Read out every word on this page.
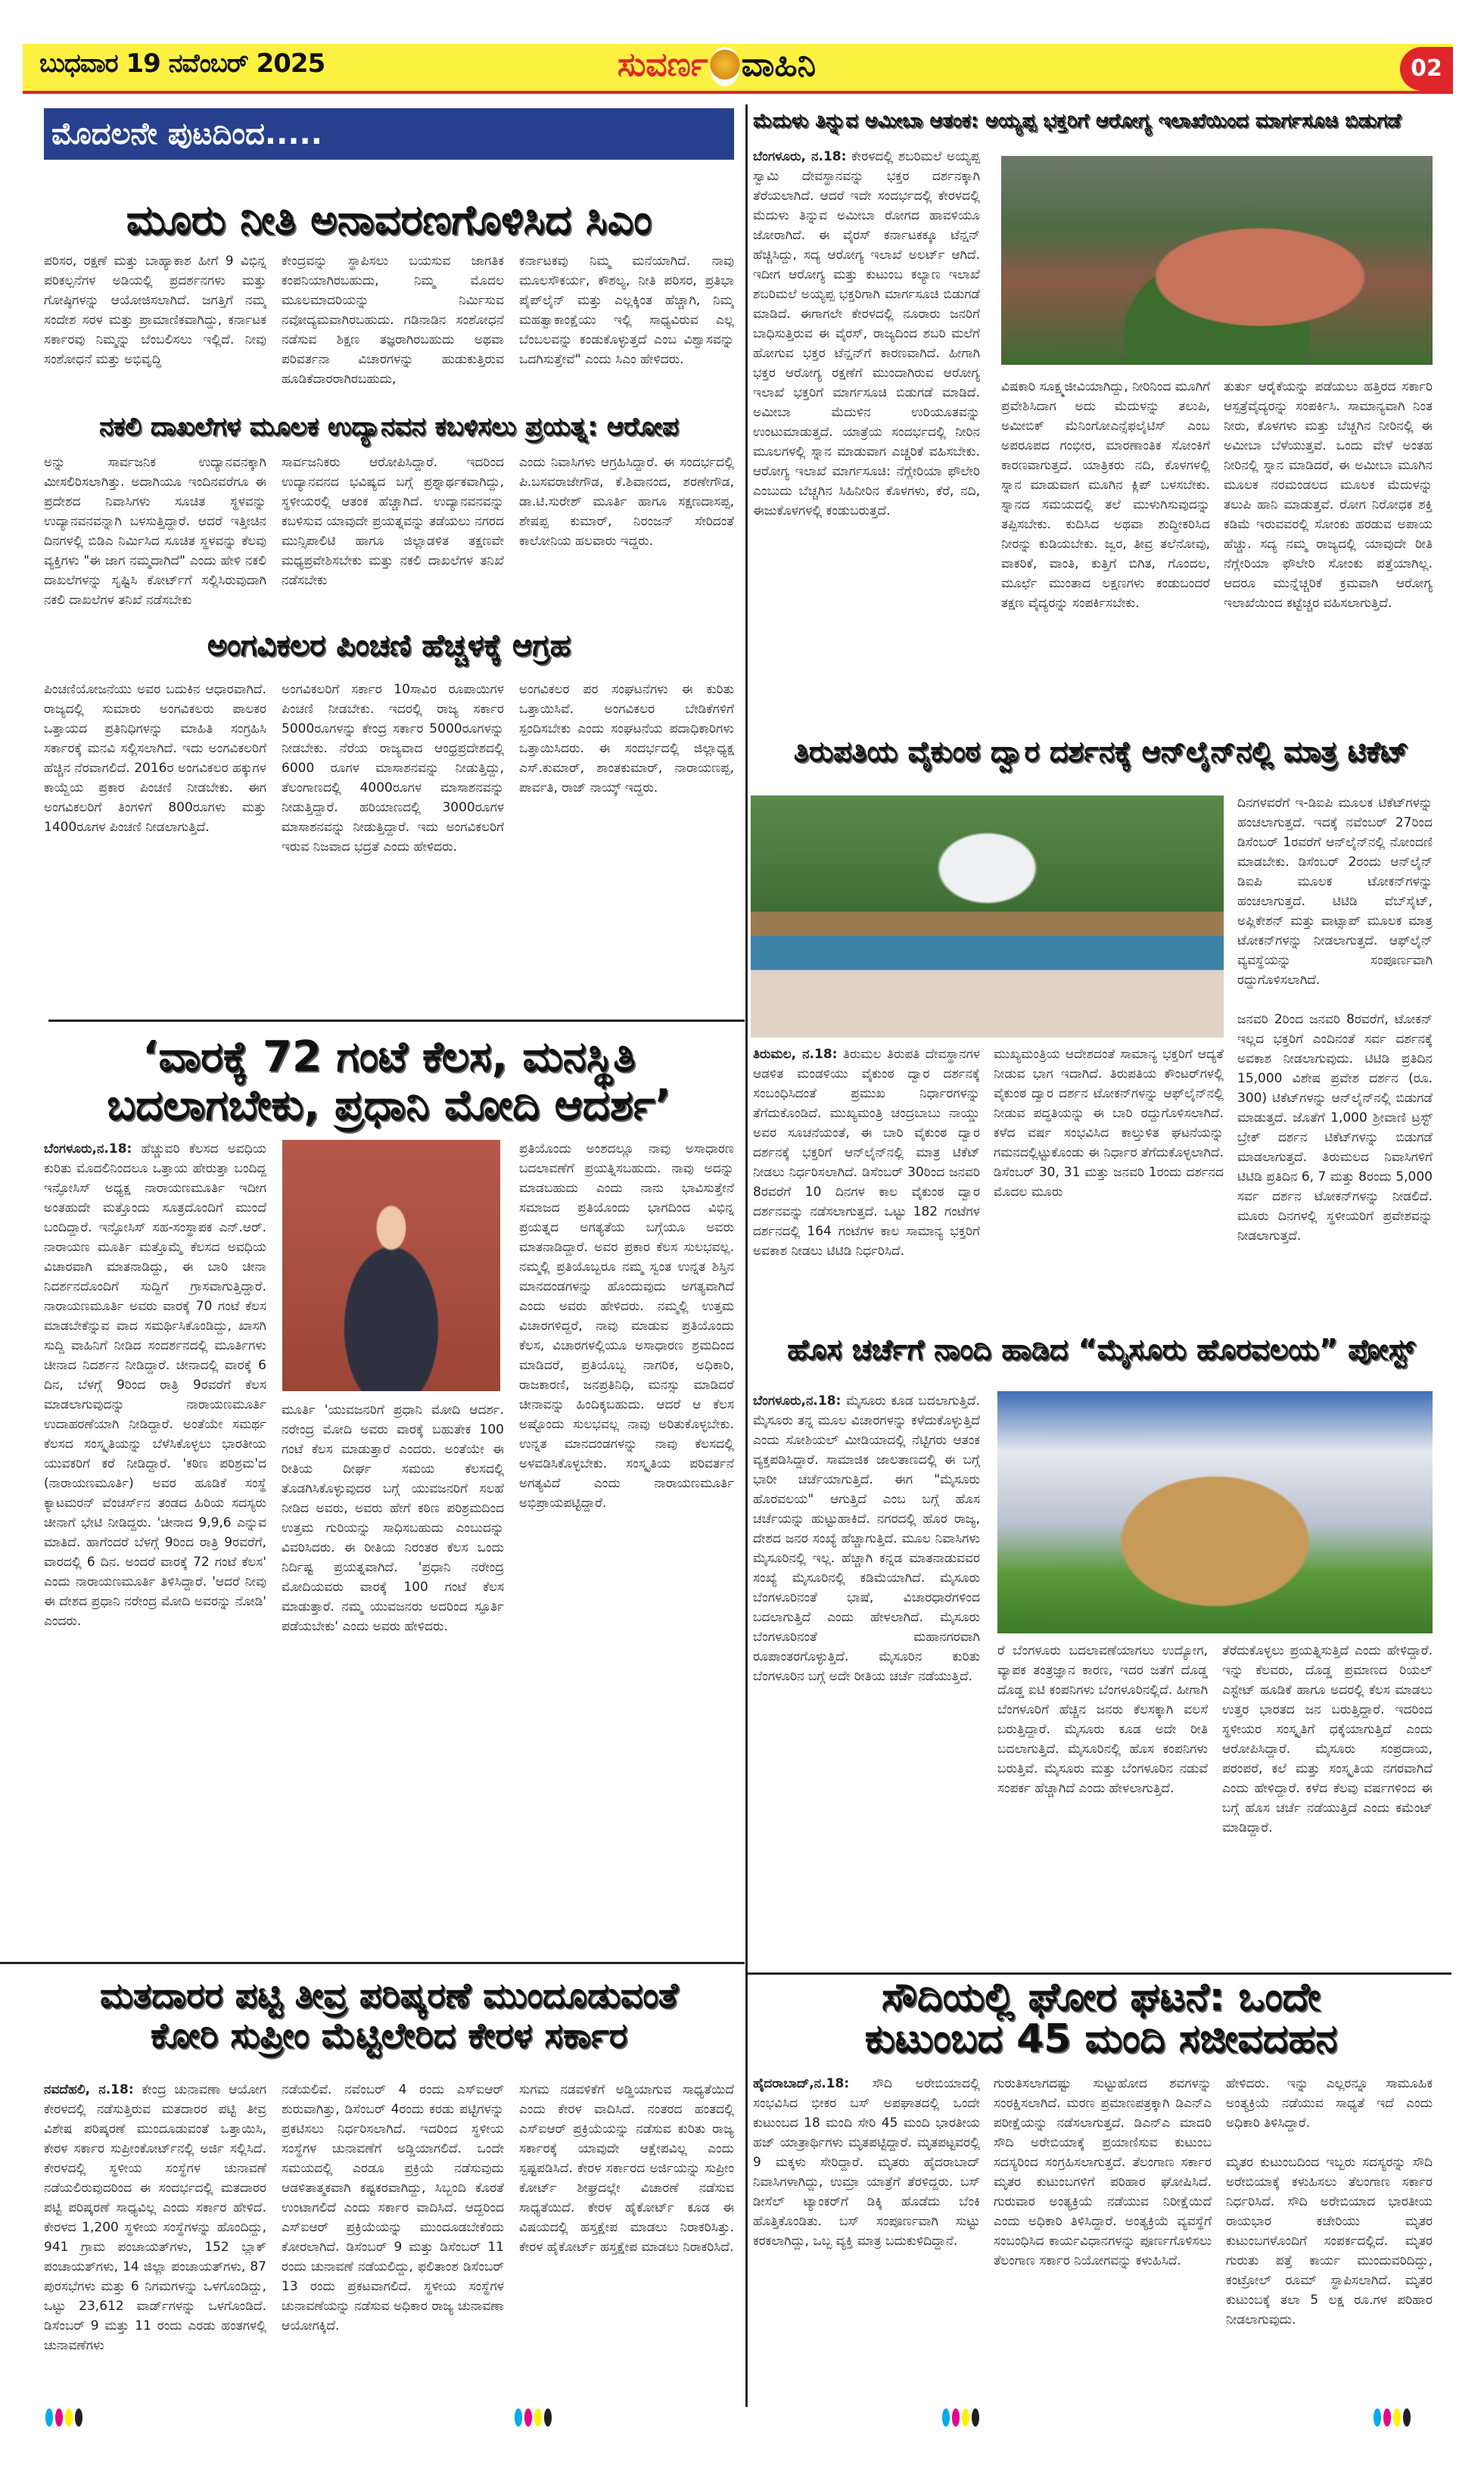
ಬುಧವಾರ 19 ನವೆಂಬರ್ 2025	ಸುವರ್ಣ ವಾಹಿನಿ	02
ಮೊದಲನೇ ಪುಟದಿಂದ.....
ಮೂರು ನೀತಿ ಅನಾವರಣಗೊಳಿಸಿದ ಸಿಎಂ
ಪರಿಸರ, ರಕ್ಷಣೆ ಮತ್ತು ಬಾಹ್ಯಾಕಾಶ ಹೀಗೆ 9 ವಿಭಿನ್ನ ಪರಿಕಲ್ಪನೆಗಳ ಅಡಿಯಲ್ಲಿ ಪ್ರದರ್ಶನಗಳು ಮತ್ತು ಗೋಷ್ಠಿಗಳನ್ನು ಆಯೋಜಿಸಲಾಗಿದೆ. ಜಗತ್ತಿಗೆ ನಮ್ಮ ಸಂದೇಶ ಸರಳ ಮತ್ತು ಪ್ರಾಮಾಣಿಕವಾಗಿದ್ದು, ಕರ್ನಾಟಕ ಸರ್ಕಾರವು ನಿಮ್ಮನ್ನು ಬೆಂಬಲಿಸಲು ಇಲ್ಲಿದೆ. ನೀವು ಸಂಶೋಧನೆ ಮತ್ತು ಅಭಿವೃದ್ಧಿ
ಕೇಂದ್ರವನ್ನು ಸ್ಥಾಪಿಸಲು ಬಯಸುವ ಜಾಗತಿಕ ಕಂಪನಿಯಾಗಿರಬಹುದು, ನಿಮ್ಮ ಮೊದಲ ಮೂಲಮಾದರಿಯನ್ನು ನಿರ್ಮಿಸುವ ನವೋದ್ಯಮವಾಗಿರಬಹುದು. ಗಡಿನಾಡಿನ ಸಂಶೋಧನೆ ನಡೆಸುವ ಶಿಕ್ಷಣ ತಜ್ಞರಾಗಿರಬಹುದು ಅಥವಾ ಪರಿವರ್ತನಾ ವಿಚಾರಗಳನ್ನು ಹುಡುಕುತ್ತಿರುವ ಹೂಡಿಕೆದಾರರಾಗಿರಬಹುದು,
ಕರ್ನಾಟಕವು ನಿಮ್ಮ ಮನೆಯಾಗಿದೆ. ನಾವು ಮೂಲಸೌಕರ್ಯ, ಕೌಶಲ್ಯ, ನೀತಿ ಪರಿಸರ, ಪ್ರತಿಭಾ ಪೈಪ್‌ಲೈನ್ ಮತ್ತು ಎಲ್ಲಕ್ಕಿಂತ ಹೆಚ್ಚಾಗಿ, ನಿಮ್ಮ ಮಹತ್ವಾಕಾಂಕ್ಷೆಯು ಇಲ್ಲಿ ಸಾಧ್ಯವಿರುವ ಎಲ್ಲ ಬೆಂಬಲವನ್ನು ಕಂಡುಕೊಳ್ಳುತ್ತದೆ ಎಂಬ ವಿಶ್ವಾಸವನ್ನು ಒದಗಿಸುತ್ತೇವೆ" ಎಂದು ಸಿಎಂ ಹೇಳಿದರು.
ನಕಲಿ ದಾಖಲೆಗಳ ಮೂಲಕ ಉದ್ಯಾನವನ ಕಬಳಿಸಲು ಪ್ರಯತ್ನ: ಆರೋಪ
ಅನ್ನು ಸಾರ್ವಜನಿಕ ಉದ್ಯಾನವನಕ್ಕಾಗಿ ಮೀಸಲಿರಿಸಲಾಗಿತ್ತು. ಅದಾಗಿಯೂ ಇಂದಿನವರೆಗೂ ಈ ಪ್ರದೇಶದ ನಿವಾಸಿಗಳು ಸೂಚಿತ ಸ್ಥಳವನ್ನು ಉದ್ಯಾನವನವನ್ನಾಗಿ ಬಳಸುತ್ತಿದ್ದಾರೆ. ಆದರೆ ಇತ್ತೀಚಿನ ದಿನಗಳಲ್ಲಿ ಬಿಡಿಎ ನಿರ್ಮಿಸಿದ ಸೂಚಿತ ಸ್ಥಳವನ್ನು ಕೆಲವು ವ್ಯಕ್ತಿಗಳು "ಈ ಜಾಗ ನಮ್ಮದಾಗಿದೆ" ಎಂದು ಹೇಳಿ ನಕಲಿ ದಾಖಲೆಗಳನ್ನು ಸೃಷ್ಟಿಸಿ ಕೋರ್ಟ್‌ಗೆ ಸಲ್ಲಿಸಿರುವುದಾಗಿ ನಕಲಿ ದಾಖಲೆಗಳ ತನಿಖೆ ನಡೆಸಬೇಕು
ಸಾರ್ವಜನಿಕರು ಆರೋಪಿಸಿದ್ದಾರೆ. ಇದರಿಂದ ಉದ್ಯಾನವನದ ಭವಿಷ್ಯದ ಬಗ್ಗೆ ಪ್ರಶ್ನಾರ್ಥಕವಾಗಿದ್ದು, ಸ್ಥಳೀಯರಲ್ಲಿ ಆತಂಕ ಹೆಚ್ಚಾಗಿದೆ. ಉದ್ಯಾನವನವನ್ನು ಕಬಳಿಸುವ ಯಾವುದೇ ಪ್ರಯತ್ನವನ್ನು ತಡೆಯಲು ನಗರದ ಮುನ್ಸಿಪಾಲಿಟಿ ಹಾಗೂ ಜಿಲ್ಲಾಡಳಿತ ತಕ್ಷಣವೇ ಮಧ್ಯಪ್ರವೇಶಿಸಬೇಕು ಮತ್ತು ನಕಲಿ ದಾಖಲೆಗಳ ತನಿಖೆ ನಡೆಸಬೇಕು
ಎಂದು ನಿವಾಸಿಗಳು ಆಗ್ರಹಿಸಿದ್ದಾರೆ. ಈ ಸಂದರ್ಭದಲ್ಲಿ ಪಿ.ಬಸವರಾಜೇಗೌಡ, ಕೆ.ಶಿವಾನಂದ, ಶರಣೇಗೌಡ, ಡಾ.ಟಿ.ಸುರೇಶ್ ಮೂರ್ತಿ ಹಾಗೂ ಸಕ್ಷಣದಾಸಪ್ಪ, ಶೇಷಪ್ಪ ಕುಮಾರ್, ನಿರಂಜನ್ ಸೇರಿದಂತೆ ಕಾಲೋನಿಯ ಹಲವಾರು ಇದ್ದರು.
ಅಂಗವಿಕಲರ ಪಿಂಚಣಿ ಹೆಚ್ಚಳಕ್ಕೆ ಆಗ್ರಹ
ಪಿಂಚಣಿಯೋಜನೆಯು ಅವರ ಬದುಕಿನ ಆಧಾರವಾಗಿದೆ. ರಾಜ್ಯದಲ್ಲಿ ಸುಮಾರು ಅಂಗವಿಕಲರು ಪಾಲಕರ ಒತ್ತಾಯದ ಪ್ರತಿನಿಧಿಗಳನ್ನು ಮಾಹಿತಿ ಸಂಗ್ರಹಿಸಿ ಸರ್ಕಾರಕ್ಕೆ ಮನವಿ ಸಲ್ಲಿಸಲಾಗಿದೆ. ಇದು ಅಂಗವಿಕಲರಿಗೆ ಹೆಚ್ಚಿನ ನೆರವಾಗಲಿದೆ. 2016ರ ಅಂಗವಿಕಲರ ಹಕ್ಕುಗಳ ಕಾಯ್ದೆಯ ಪ್ರಕಾರ ಪಿಂಚಣಿ ನೀಡಬೇಕು. ಈಗ ಅಂಗವಿಕಲರಿಗೆ ತಿಂಗಳಿಗೆ 800ರೂಗಳು ಮತ್ತು 1400ರೂಗಳ ಪಿಂಚಣಿ ನೀಡಲಾಗುತ್ತಿದೆ.
ಅಂಗವಿಕಲರಿಗೆ ಸರ್ಕಾರ 10ಸಾವಿರ ರೂಪಾಯಿಗಳ ಪಿಂಚಣಿ ನೀಡಬೇಕು. ಇದರಲ್ಲಿ ರಾಜ್ಯ ಸರ್ಕಾರ 5000ರೂಗಳನ್ನು ಕೇಂದ್ರ ಸರ್ಕಾರ 5000ರೂಗಳನ್ನು ನೀಡಬೇಕು. ನೆರೆಯ ರಾಜ್ಯವಾದ ಆಂಧ್ರಪ್ರದೇಶದಲ್ಲಿ 6000 ರೂಗಳ ಮಾಸಾಶನವನ್ನು ನೀಡುತ್ತಿದ್ದು, ತೆಲಂಗಾಣದಲ್ಲಿ 4000ರೂಗಳ ಮಾಸಾಶನವನ್ನು ನೀಡುತ್ತಿದ್ದಾರೆ. ಹರಿಯಾಣದಲ್ಲಿ 3000ರೂಗಳ ಮಾಸಾಶನವನ್ನು ನೀಡುತ್ತಿದ್ದಾರೆ. ಇದು ಅಂಗವಿಕಲರಿಗೆ ಇರುವ ನಿಜವಾದ ಭದ್ರತೆ ಎಂದು ಹೇಳಿದರು.
ಅಂಗವಿಕಲರ ಪರ ಸಂಘಟನೆಗಳು ಈ ಕುರಿತು ಒತ್ತಾಯಿಸಿವೆ. ಅಂಗವಿಕಲರ ಬೇಡಿಕೆಗಳಿಗೆ ಸ್ಪಂದಿಸಬೇಕು ಎಂದು ಸಂಘಟನೆಯ ಪದಾಧಿಕಾರಿಗಳು ಒತ್ತಾಯಿಸಿದರು. ಈ ಸಂದರ್ಭದಲ್ಲಿ ಜಿಲ್ಲಾಧ್ಯಕ್ಷ ಎಸ್.ಕುಮಾರ್, ಶಾಂತಕುಮಾರ್, ನಾರಾಯಣಪ್ಪ, ಪಾರ್ವತಿ, ರಾಜ್ ನಾಯ್ಕ್ ಇದ್ದರು.
‘ವಾರಕ್ಕೆ 72 ಗಂಟೆ ಕೆಲಸ, ಮನಸ್ಥಿತಿ
ಬದಲಾಗಬೇಕು, ಪ್ರಧಾನಿ ಮೋದಿ ಆದರ್ಶ’
ಬೆಂಗಳೂರು,ನ.18: ಹೆಚ್ಚುವರಿ ಕೆಲಸದ ಅವಧಿಯ ಕುರಿತು ಮೊದಲಿನಿಂದಲೂ ಒತ್ತಾಯ ಹೇರುತ್ತಾ ಬಂದಿದ್ದ ಇನ್ಫೋಸಿಸ್ ಅಧ್ಯಕ್ಷ ನಾರಾಯಣಮೂರ್ತಿ ಇದೀಗ ಅಂತಹುದೇ ಮತ್ತೊಂದು ಸೂತ್ರದೊಂದಿಗೆ ಮುಂದೆ ಬಂದಿದ್ದಾರೆ. ಇನ್ಫೋಸಿಸ್ ಸಹ-ಸಂಸ್ಥಾಪಕ ಎನ್.ಆರ್. ನಾರಾಯಣ ಮೂರ್ತಿ ಮತ್ತೊಮ್ಮೆ ಕೆಲಸದ ಅವಧಿಯ ವಿಚಾರವಾಗಿ ಮಾತನಾಡಿದ್ದು, ಈ ಬಾರಿ ಚೀನಾ ನಿದರ್ಶನದೊಂದಿಗೆ ಸುದ್ದಿಗೆ ಗ್ರಾಸವಾಗುತ್ತಿದ್ದಾರೆ. ನಾರಾಯಣಮೂರ್ತಿ ಅವರು ವಾರಕ್ಕೆ 70 ಗಂಟೆ ಕೆಲಸ ಮಾಡಬೇಕೆನ್ನುವ ವಾದ ಸಮರ್ಥಿಸಿಕೊಂಡಿದ್ದು, ಖಾಸಗಿ ಸುದ್ದಿ ವಾಹಿನಿಗೆ ನೀಡಿದ ಸಂದರ್ಶನದಲ್ಲಿ ಮೂರ್ತಿಗಳು ಚೀನಾದ ನಿದರ್ಶನ ನೀಡಿದ್ದಾರೆ. ಚೀನಾದಲ್ಲಿ ವಾರಕ್ಕೆ 6 ದಿನ, ಬೆಳಗ್ಗೆ 9ರಿಂದ ರಾತ್ರಿ 9ರವರೆಗೆ ಕೆಲಸ ಮಾಡಲಾಗುವುದನ್ನು ನಾರಾಯಣಮೂರ್ತಿ ಉದಾಹರಣೆಯಾಗಿ ನೀಡಿದ್ದಾರೆ. ಅಂತೆಯೇ ಸಮರ್ಥ ಕೆಲಸದ ಸಂಸ್ಕೃತಿಯನ್ನು ಬೆಳೆಸಿಕೊಳ್ಳಲು ಭಾರತೀಯ ಯುವಕರಿಗೆ ಕರೆ ನೀಡಿದ್ದಾರೆ. 'ಕಠಿಣ ಪರಿಶ್ರಮ'ದ (ನಾರಾಯಣಮೂರ್ತಿ) ಅವರ ಹೂಡಿಕೆ ಸಂಸ್ಥೆ ಕ್ಯಾಟಮರನ್ ವೆಂಚರ್ಸ್‌ನ ತಂಡದ ಹಿರಿಯ ಸದಸ್ಯರು ಚೀನಾಗೆ ಭೇಟಿ ನೀಡಿದ್ದರು. 'ಚೀನಾದ 9,9,6 ಎನ್ನುವ ಮಾತಿದೆ. ಹಾಗೆಂದರೆ ಬೆಳಗ್ಗೆ 9ರಿಂದ ರಾತ್ರಿ 9ರವರೆಗೆ, ವಾರದಲ್ಲಿ 6 ದಿನ. ಅಂದರೆ ವಾರಕ್ಕೆ 72 ಗಂಟೆ ಕೆಲಸ' ಎಂದು ನಾರಾಯಣಮೂರ್ತಿ ತಿಳಿಸಿದ್ದಾರೆ. 'ಆದರೆ ನೀವು ಈ ದೇಶದ ಪ್ರಧಾನಿ ನರೇಂದ್ರ ಮೋದಿ ಅವರನ್ನು ನೋಡಿ' ಎಂದರು.
ಮೂರ್ತಿ 'ಯುವಜನರಿಗೆ ಪ್ರಧಾನಿ ಮೋದಿ ಆದರ್ಶ. ನರೇಂದ್ರ ಮೋದಿ ಅವರು ವಾರಕ್ಕೆ ಬಹುತೇಕ 100 ಗಂಟೆ ಕೆಲಸ ಮಾಡುತ್ತಾರೆ ಎಂದರು. ಅಂತೆಯೇ ಈ ರೀತಿಯ ದೀರ್ಘ ಸಮಯ ಕೆಲಸದಲ್ಲಿ ತೊಡಗಿಸಿಕೊಳ್ಳುವುದರ ಬಗ್ಗೆ ಯುವಜನರಿಗೆ ಸಲಹೆ ನೀಡಿದ ಅವರು, ಅವರು ಹೇಗೆ ಕಠಿಣ ಪರಿಶ್ರಮದಿಂದ ಉತ್ತಮ ಗುರಿಯನ್ನು ಸಾಧಿಸಬಹುದು ಎಂಬುದನ್ನು ವಿವರಿಸಿದರು. ಈ ರೀತಿಯ ನಿರಂತರ ಕೆಲಸ ಒಂದು ನಿರ್ದಿಷ್ಟ ಪ್ರಯತ್ನವಾಗಿದೆ. 'ಪ್ರಧಾನಿ ನರೇಂದ್ರ ಮೋದಿಯವರು ವಾರಕ್ಕೆ 100 ಗಂಟೆ ಕೆಲಸ ಮಾಡುತ್ತಾರೆ. ನಮ್ಮ ಯುವಜನರು ಅದರಿಂದ ಸ್ಫೂರ್ತಿ ಪಡೆಯಬೇಕು' ಎಂದು ಅವರು ಹೇಳಿದರು.
ಪ್ರತಿಯೊಂದು ಅಂಶದಲ್ಲೂ ನಾವು ಅಸಾಧಾರಣ ಬದಲಾವಣೆಗೆ ಪ್ರಯತ್ನಿಸಬಹುದು. ನಾವು ಅದನ್ನು ಮಾಡಬಹುದು ಎಂದು ನಾನು ಭಾವಿಸುತ್ತೇನೆ ಸಮಾಜದ ಪ್ರತಿಯೊಂದು ಭಾಗದಿಂದ ವಿಭಿನ್ನ ಪ್ರಯತ್ನದ ಅಗತ್ಯತೆಯ ಬಗ್ಗೆಯೂ ಅವರು ಮಾತನಾಡಿದ್ದಾರೆ. ಅವರ ಪ್ರಕಾರ ಕೆಲಸ ಸುಲಭವಲ್ಲ. ನಮ್ಮಲ್ಲಿ ಪ್ರತಿಯೊಬ್ಬರೂ ನಮ್ಮ ಸ್ವಂತ ಉನ್ನತ ಶಿಸ್ತಿನ ಮಾನದಂಡಗಳನ್ನು ಹೊಂದುವುದು ಅಗತ್ಯವಾಗಿದೆ ಎಂದು ಅವರು ಹೇಳಿದರು. ನಮ್ಮಲ್ಲಿ ಉತ್ತಮ ವಿಚಾರಗಳಿದ್ದರೆ, ನಾವು ಮಾಡುವ ಪ್ರತಿಯೊಂದು ಕೆಲಸ, ವಿಚಾರಗಳಲ್ಲಿಯೂ ಅಸಾಧಾರಣ ಶ್ರಮದಿಂದ ಮಾಡಿದರೆ, ಪ್ರತಿಯೊಬ್ಬ ನಾಗರಿಕ, ಅಧಿಕಾರಿ, ರಾಜಕಾರಣಿ, ಜನಪ್ರತಿನಿಧಿ, ಮನಸ್ಸು ಮಾಡಿದರೆ ಚೀನಾವನ್ನು ಹಿಂದಿಕ್ಕಬಹುದು. ಆದರೆ ಆ ಕೆಲಸ ಅಷ್ಟೊಂದು ಸುಲಭವಲ್ಲ ನಾವು ಅರಿತುಕೊಳ್ಳಬೇಕು. ಉನ್ನತ ಮಾನದಂಡಗಳನ್ನು ನಾವು ಕೆಲಸದಲ್ಲಿ ಅಳವಡಿಸಿಕೊಳ್ಳಬೇಕು. ಸಂಸ್ಕೃತಿಯ ಪರಿವರ್ತನೆ ಅಗತ್ಯವಿದೆ ಎಂದು ನಾರಾಯಣಮೂರ್ತಿ ಅಭಿಪ್ರಾಯಪಟ್ಟಿದ್ದಾರೆ.
ಮತದಾರರ ಪಟ್ಟಿ ತೀವ್ರ ಪರಿಷ್ಕರಣೆ ಮುಂದೂಡುವಂತೆ
ಕೋರಿ ಸುಪ್ರೀಂ ಮೆಟ್ಟಿಲೇರಿದ ಕೇರಳ ಸರ್ಕಾರ
ನವದೆಹಲಿ, ನ.18: ಕೇಂದ್ರ ಚುನಾವಣಾ ಆಯೋಗ ಕೇರಳದಲ್ಲಿ ನಡೆಸುತ್ತಿರುವ ಮತದಾರರ ಪಟ್ಟಿ ತೀವ್ರ ವಿಶೇಷ ಪರಿಷ್ಕರಣೆ ಮುಂದೂಡುವಂತೆ ಒತ್ತಾಯಿಸಿ, ಕೇರಳ ಸರ್ಕಾರ ಸುಪ್ರೀಂಕೋರ್ಟ್‌ನಲ್ಲಿ ಅರ್ಜಿ ಸಲ್ಲಿಸಿದೆ. ಕೇರಳದಲ್ಲಿ ಸ್ಥಳೀಯ ಸಂಸ್ಥೆಗಳ ಚುನಾವಣೆ ನಡೆಯಲಿರುವುದರಿಂದ ಈ ಸಂದರ್ಭದಲ್ಲಿ ಮತದಾರರ ಪಟ್ಟಿ ಪರಿಷ್ಕರಣೆ ಸಾಧ್ಯವಿಲ್ಲ ಎಂದು ಸರ್ಕಾರ ಹೇಳಿದೆ. ಕೇರಳದ 1,200 ಸ್ಥಳೀಯ ಸಂಸ್ಥೆಗಳನ್ನು ಹೊಂದಿದ್ದು, 941 ಗ್ರಾಮ ಪಂಚಾಯತ್‌ಗಳು, 152 ಬ್ಲಾಕ್ ಪಂಚಾಯತ್‌ಗಳು, 14 ಜಿಲ್ಲಾ ಪಂಚಾಯತ್‌ಗಳು, 87 ಪುರಸಭೆಗಳು ಮತ್ತು 6 ನಿಗಮಗಳನ್ನು ಒಳಗೊಂಡಿದ್ದು, ಒಟ್ಟು 23,612 ವಾರ್ಡ್‌ಗಳನ್ನು ಒಳಗೊಂಡಿದೆ. ಡಿಸೆಂಬರ್ 9 ಮತ್ತು 11 ರಂದು ಎರಡು ಹಂತಗಳಲ್ಲಿ ಚುನಾವಣೆಗಳು
ನಡೆಯಲಿವೆ. ನವೆಂಬರ್ 4 ರಂದು ಎಸ್‌ಐಆರ್ ಶುರುವಾಗಿತ್ತು, ಡಿಸೆಂಬರ್ 4ರಂದು ಕರಡು ಪಟ್ಟಿಗಳನ್ನು ಪ್ರಕಟಿಸಲು ನಿರ್ಧರಿಸಲಾಗಿದೆ. ಇದರಿಂದ ಸ್ಥಳೀಯ ಸಂಸ್ಥೆಗಳ ಚುನಾವಣೆಗೆ ಅಡ್ಡಿಯಾಗಲಿದೆ. ಒಂದೇ ಸಮಯದಲ್ಲಿ ಎರಡೂ ಪ್ರಕ್ರಿಯೆ ನಡೆಸುವುದು ಆಡಳಿತಾತ್ಮಕವಾಗಿ ಕಷ್ಟಕರವಾಗಿದ್ದು, ಸಿಬ್ಬಂದಿ ಕೊರತೆ ಉಂಟಾಗಲಿದೆ ಎಂದು ಸರ್ಕಾರ ವಾದಿಸಿದೆ. ಆದ್ದರಿಂದ ಎಸ್‌ಐಆರ್ ಪ್ರಕ್ರಿಯೆಯನ್ನು ಮುಂದೂಡಬೇಕೆಂದು ಕೋರಲಾಗಿದೆ. ಡಿಸೆಂಬರ್ 9 ಮತ್ತು ಡಿಸೆಂಬರ್ 11 ರಂದು ಚುನಾವಣೆ ನಡೆಯಲಿದ್ದು, ಫಲಿತಾಂಶ ಡಿಸೆಂಬರ್ 13 ರಂದು ಪ್ರಕಟವಾಗಲಿದೆ. ಸ್ಥಳೀಯ ಸಂಸ್ಥೆಗಳ ಚುನಾವಣೆಯನ್ನು ನಡೆಸುವ ಅಧಿಕಾರ ರಾಜ್ಯ ಚುನಾವಣಾ ಆಯೋಗಕ್ಕಿದೆ.
ಸುಗಮ ನಡವಳಿಕೆಗೆ ಅಡ್ಡಿಯಾಗುವ ಸಾಧ್ಯತೆಯಿದೆ ಎಂದು ಕೇರಳ ವಾದಿಸಿದೆ. ನಂತರದ ಹಂತದಲ್ಲಿ ಎಸ್‌ಐಆರ್ ಪ್ರಕ್ರಿಯೆಯನ್ನು ನಡೆಸುವ ಕುರಿತು ರಾಜ್ಯ ಸರ್ಕಾರಕ್ಕೆ ಯಾವುದೇ ಆಕ್ಷೇಪವಿಲ್ಲ ಎಂದು ಸ್ಪಷ್ಟಪಡಿಸಿದೆ. ಕೇರಳ ಸರ್ಕಾರದ ಅರ್ಜಿಯನ್ನು ಸುಪ್ರೀಂ ಕೋರ್ಟ್ ಶೀಘ್ರದಲ್ಲೇ ವಿಚಾರಣೆ ನಡೆಸುವ ಸಾಧ್ಯತೆಯಿದೆ. ಕೇರಳ ಹೈಕೋರ್ಟ್ ಕೂಡ ಈ ವಿಷಯದಲ್ಲಿ ಹಸ್ತಕ್ಷೇಪ ಮಾಡಲು ನಿರಾಕರಿಸಿತ್ತು. ಕೇರಳ ಹೈಕೋರ್ಟ್ ಹಸ್ತಕ್ಷೇಪ ಮಾಡಲು ನಿರಾಕರಿಸಿದೆ.
ಮೆದುಳು ತಿನ್ನುವ ಅಮೀಬಾ ಆತಂಕ: ಅಯ್ಯಪ್ಪ ಭಕ್ತರಿಗೆ ಆರೋಗ್ಯ ಇಲಾಖೆಯಿಂದ ಮಾರ್ಗಸೂಚಿ ಬಿಡುಗಡೆ
ಬೆಂಗಳೂರು, ನ.18: ಕೇರಳದಲ್ಲಿ ಶಬರಿಮಲೆ ಅಯ್ಯಪ್ಪ ಸ್ವಾಮಿ ದೇವಸ್ಥಾನವನ್ನು ಭಕ್ತರ ದರ್ಶನಕ್ಕಾಗಿ ತೆರೆಯಲಾಗಿದೆ. ಆದರೆ ಇದೇ ಸಂದರ್ಭದಲ್ಲಿ ಕೇರಳದಲ್ಲಿ ಮೆದುಳು ತಿನ್ನುವ ಅಮೀಬಾ ರೋಗದ ಹಾವಳಿಯೂ ಜೋರಾಗಿದೆ. ಈ ವೈರಸ್ ಕರ್ನಾಟಕಕ್ಕೂ ಟೆನ್ಷನ್ ಹೆಚ್ಚಿಸಿದ್ದು, ಸದ್ಯ ಆರೋಗ್ಯ ಇಲಾಖೆ ಅಲರ್ಟ್ ಆಗಿದೆ. ಇದೀಗ ಆರೋಗ್ಯ ಮತ್ತು ಕುಟುಂಬ ಕಲ್ಯಾಣ ಇಲಾಖೆ ಶಬರಿಮಲೆ ಅಯ್ಯಪ್ಪ ಭಕ್ತರಿಗಾಗಿ ಮಾರ್ಗಸೂಚಿ ಬಿಡುಗಡೆ ಮಾಡಿದೆ. ಈಗಾಗಲೇ ಕೇರಳದಲ್ಲಿ ನೂರಾರು ಜನರಿಗೆ ಬಾಧಿಸುತ್ತಿರುವ ಈ ವೈರಸ್, ರಾಜ್ಯದಿಂದ ಶಬರಿ ಮಲೆಗೆ ಹೋಗುವ ಭಕ್ತರ ಟೆನ್ಷನ್‌ಗೆ ಕಾರಣವಾಗಿದೆ. ಹೀಗಾಗಿ ಭಕ್ತರ ಆರೋಗ್ಯ ರಕ್ಷಣೆಗೆ ಮುಂದಾಗಿರುವ ಆರೋಗ್ಯ ಇಲಾಖೆ ಭಕ್ತರಿಗೆ ಮಾರ್ಗಸೂಚಿ ಬಿಡುಗಡೆ ಮಾಡಿದೆ. ಅಮೀಬಾ ಮೆದುಳಿನ ಉರಿಯೂತವನ್ನು ಉಂಟುಮಾಡುತ್ತದೆ. ಯಾತ್ರೆಯ ಸಂದರ್ಭದಲ್ಲಿ ನೀರಿನ ಮೂಲಗಳಲ್ಲಿ ಸ್ನಾನ ಮಾಡುವಾಗ ಎಚ್ಚರಿಕೆ ವಹಿಸಬೇಕು. ಆರೋಗ್ಯ ಇಲಾಖೆ ಮಾರ್ಗಸೂಚಿ: ನೆಗ್ಲೇರಿಯಾ ಫೌಲೇರಿ ಎಂಬುದು ಬೆಚ್ಚಗಿನ ಸಿಹಿನೀರಿನ ಕೊಳಗಳು, ಕೆರೆ, ನದಿ, ಈಜುಕೊಳಗಳಲ್ಲಿ ಕಂಡುಬರುತ್ತದೆ.
ವಿಷಕಾರಿ ಸೂಕ್ಷ್ಮಜೀವಿಯಾಗಿದ್ದು, ನೀರಿನಿಂದ ಮೂಗಿಗೆ ಪ್ರವೇಶಿಸಿದಾಗ ಅದು ಮೆದುಳನ್ನು ತಲುಪಿ, ಅಮೀಬಿಕ್ ಮೆನಿಂಗೋಎನ್ಸೆಫಲೈಟಿಸ್ ಎಂಬ ಅಪರೂಪದ ಗಂಭೀರ, ಮಾರಣಾಂತಿಕ ಸೋಂಕಿಗೆ ಕಾರಣವಾಗುತ್ತದೆ. ಯಾತ್ರಿಕರು ನದಿ, ಕೊಳಗಳಲ್ಲಿ ಸ್ನಾನ ಮಾಡುವಾಗ ಮೂಗಿನ ಕ್ಲಿಪ್ ಬಳಸಬೇಕು. ಸ್ನಾನದ ಸಮಯದಲ್ಲಿ ತಲೆ ಮುಳುಗಿಸುವುದನ್ನು ತಪ್ಪಿಸಬೇಕು. ಕುದಿಸಿದ ಅಥವಾ ಶುದ್ಧೀಕರಿಸಿದ ನೀರನ್ನು ಕುಡಿಯಬೇಕು. ಜ್ವರ, ತೀವ್ರ ತಲೆನೋವು, ವಾಕರಿಕೆ, ವಾಂತಿ, ಕುತ್ತಿಗೆ ಬಿಗಿತ, ಗೊಂದಲ, ಮೂರ್ಛೆ ಮುಂತಾದ ಲಕ್ಷಣಗಳು ಕಂಡುಬಂದರೆ ತಕ್ಷಣ ವೈದ್ಯರನ್ನು ಸಂಪರ್ಕಿಸಬೇಕು.
ತುರ್ತು ಆರೈಕೆಯನ್ನು ಪಡೆಯಲು ಹತ್ತಿರದ ಸರ್ಕಾರಿ ಆಸ್ಪತ್ರೆವೈದ್ಯರನ್ನು ಸಂಪರ್ಕಿಸಿ. ಸಾಮಾನ್ಯವಾಗಿ ನಿಂತ ನೀರು, ಕೊಳಗಳು ಮತ್ತು ಬೆಚ್ಚಗಿನ ನೀರಿನಲ್ಲಿ ಈ ಅಮೀಬಾ ಬೆಳೆಯುತ್ತವೆ. ಒಂದು ವೇಳೆ ಅಂತಹ ನೀರಿನಲ್ಲಿ ಸ್ನಾನ ಮಾಡಿದರೆ, ಈ ಅಮೀಬಾ ಮೂಗಿನ ಮೂಲಕ ನರಮಂಡಲದ ಮೂಲಕ ಮೆದುಳನ್ನು ತಲುಪಿ ಹಾನಿ ಮಾಡುತ್ತವೆ. ರೋಗ ನಿರೋಧಕ ಶಕ್ತಿ ಕಡಿಮೆ ಇರುವವರಲ್ಲಿ ಸೋಂಕು ಹರಡುವ ಅಪಾಯ ಹೆಚ್ಚು. ಸದ್ಯ ನಮ್ಮ ರಾಜ್ಯದಲ್ಲಿ ಯಾವುದೇ ರೀತಿ ನೆಗ್ಲೇರಿಯಾ ಫೌಲೇರಿ ಸೋಂಕು ಪತ್ತೆಯಾಗಿಲ್ಲ. ಆದರೂ ಮುನ್ನೆಚ್ಚರಿಕೆ ಕ್ರಮವಾಗಿ ಆರೋಗ್ಯ ಇಲಾಖೆಯಿಂದ ಕಟ್ಟೆಚ್ಚರ ವಹಿಸಲಾಗುತ್ತಿದೆ.
ತಿರುಪತಿಯ ವೈಕುಂಠ ದ್ವಾರ ದರ್ಶನಕ್ಕೆ ಆನ್‌ಲೈನ್‌ನಲ್ಲಿ ಮಾತ್ರ ಟಿಕೆಟ್
ದಿನಗಳವರೆಗೆ ಇ-ಡಿಐಪಿ ಮೂಲಕ ಟಿಕೆಟ್‌ಗಳನ್ನು ಹಂಚಲಾಗುತ್ತದೆ. ಇದಕ್ಕೆ ನವೆಂಬರ್ 27ರಿಂದ ಡಿಸೆಂಬರ್ 1ರವರೆಗೆ ಆನ್‌ಲೈನ್‌ನಲ್ಲಿ ನೋಂದಣಿ ಮಾಡಬೇಕು. ಡಿಸೆಂಬರ್ 2ರಂದು ಆನ್‌ಲೈನ್ ಡಿಐಪಿ ಮೂಲಕ ಟೋಕನ್‌ಗಳನ್ನು ಹಂಚಲಾಗುತ್ತದೆ. ಟಿಟಿಡಿ ವೆಬ್‌ಸೈಟ್, ಅಪ್ಲಿಕೇಶನ್ ಮತ್ತು ವಾಟ್ಸಾಪ್ ಮೂಲಕ ಮಾತ್ರ ಟೋಕನ್‌ಗಳನ್ನು ನೀಡಲಾಗುತ್ತದೆ. ಆಫ್‌ಲೈನ್ ವ್ಯವಸ್ಥೆಯನ್ನು ಸಂಪೂರ್ಣವಾಗಿ ರದ್ದುಗೊಳಿಸಲಾಗಿದೆ.

ಜನವರಿ 2ರಿಂದ ಜನವರಿ 8ರವರೆಗೆ, ಟೋಕನ್ ಇಲ್ಲದ ಭಕ್ತರಿಗೆ ಎಂದಿನಂತೆ ಸರ್ವ ದರ್ಶನಕ್ಕೆ ಅವಕಾಶ ನೀಡಲಾಗುವುದು. ಟಿಟಿಡಿ ಪ್ರತಿದಿನ 15,000 ವಿಶೇಷ ಪ್ರವೇಶ ದರ್ಶನ (ರೂ. 300) ಟಿಕೆಟ್‌ಗಳನ್ನು ಆನ್‌ಲೈನ್‌ನಲ್ಲಿ ಬಿಡುಗಡೆ ಮಾಡುತ್ತದೆ. ಜೊತೆಗೆ 1,000 ಶ್ರೀವಾಣಿ ಟ್ರಸ್ಟ್ ಬ್ರೇಕ್ ದರ್ಶನ ಟಿಕೆಟ್‌ಗಳನ್ನು ಬಿಡುಗಡೆ ಮಾಡಲಾಗುತ್ತದೆ. ತಿರುಮಲದ ನಿವಾಸಿಗಳಿಗೆ ಟಿಟಿಡಿ ಪ್ರತಿದಿನ 6, 7 ಮತ್ತು 8ರಂದು 5,000 ಸರ್ವ ದರ್ಶನ ಟೋಕನ್‌ಗಳನ್ನು ನೀಡಲಿದೆ. ಮೂರು ದಿನಗಳಲ್ಲಿ ಸ್ಥಳೀಯರಿಗೆ ಪ್ರವೇಶವನ್ನು ನೀಡಲಾಗುತ್ತದೆ.
ತಿರುಮಲ, ನ.18: ತಿರುಮಲ ತಿರುಪತಿ ದೇವಸ್ಥಾನಗಳ ಆಡಳಿತ ಮಂಡಳಿಯು ವೈಕುಂಠ ದ್ವಾರ ದರ್ಶನಕ್ಕೆ ಸಂಬಂಧಿಸಿದಂತೆ ಪ್ರಮುಖ ನಿರ್ಧಾರಗಳನ್ನು ತೆಗೆದುಕೊಂಡಿದೆ. ಮುಖ್ಯಮಂತ್ರಿ ಚಂದ್ರಬಾಬು ನಾಯ್ಡು ಅವರ ಸೂಚನೆಯಂತೆ, ಈ ಬಾರಿ ವೈಕುಂಠ ದ್ವಾರ ದರ್ಶನಕ್ಕೆ ಭಕ್ತರಿಗೆ ಆನ್‌ಲೈನ್‌ನಲ್ಲಿ ಮಾತ್ರ ಟಿಕೆಟ್ ನೀಡಲು ನಿರ್ಧರಿಸಲಾಗಿದೆ. ಡಿಸೆಂಬರ್ 30ರಿಂದ ಜನವರಿ 8ರವರೆಗೆ 10 ದಿನಗಳ ಕಾಲ ವೈಕುಂಠ ದ್ವಾರ ದರ್ಶನವನ್ನು ನಡೆಸಲಾಗುತ್ತದೆ. ಒಟ್ಟು 182 ಗಂಟೆಗಳ ದರ್ಶನದಲ್ಲಿ 164 ಗಂಟೆಗಳ ಕಾಲ ಸಾಮಾನ್ಯ ಭಕ್ತರಿಗೆ ಅವಕಾಶ ನೀಡಲು ಟಿಟಿಡಿ ನಿರ್ಧರಿಸಿದೆ.
ಮುಖ್ಯಮಂತ್ರಿಯ ಆದೇಶದಂತೆ ಸಾಮಾನ್ಯ ಭಕ್ತರಿಗೆ ಆದ್ಯತೆ ನೀಡುವ ಭಾಗ ಇದಾಗಿದೆ. ತಿರುಪತಿಯ ಕೌಂಟರ್‌ಗಳಲ್ಲಿ ವೈಕುಂಠ ದ್ವಾರ ದರ್ಶನ ಟೋಕನ್‌ಗಳನ್ನು ಆಫ್‌ಲೈನ್‌ನಲ್ಲಿ ನೀಡುವ ಪದ್ಧತಿಯನ್ನು ಈ ಬಾರಿ ರದ್ದುಗೊಳಿಸಲಾಗಿದೆ. ಕಳೆದ ವರ್ಷ ಸಂಭವಿಸಿದ ಕಾಲ್ತುಳಿತ ಘಟನೆಯನ್ನು ಗಮನದಲ್ಲಿಟ್ಟುಕೊಂಡು ಈ ನಿರ್ಧಾರ ತೆಗೆದುಕೊಳ್ಳಲಾಗಿದೆ. ಡಿಸೆಂಬರ್ 30, 31 ಮತ್ತು ಜನವರಿ 1ರಂದು ದರ್ಶನದ ಮೊದಲ ಮೂರು
ಹೊಸ ಚರ್ಚೆಗೆ ನಾಂದಿ ಹಾಡಿದ “ಮೈಸೂರು ಹೊರವಲಯ” ಪೋಸ್ಟ್
ಬೆಂಗಳೂರು,ನ.18: ಮೈಸೂರು ಕೂಡ ಬದಲಾಗುತ್ತಿದೆ. ಮೈಸೂರು ತನ್ನ ಮೂಲ ವಿಚಾರಗಳನ್ನು ಕಳೆದುಕೊಳ್ಳುತ್ತಿದೆ ಎಂದು ಸೋಶಿಯಲ್ ಮೀಡಿಯಾದಲ್ಲಿ ನೆಟ್ಟಿಗರು ಆತಂಕ ವ್ಯಕ್ತಪಡಿಸಿದ್ದಾರೆ. ಸಾಮಾಜಿಕ ಜಾಲತಾಣದಲ್ಲಿ ಈ ಬಗ್ಗೆ ಭಾರೀ ಚರ್ಚೆಯಾಗುತ್ತಿದೆ. ಈಗ "ಮೈಸೂರು ಹೊರವಲಯ" ಆಗುತ್ತಿದೆ ಎಂಬ ಬಗ್ಗೆ ಹೊಸ ಚರ್ಚೆಯನ್ನು ಹುಟ್ಟುಹಾಕಿದೆ. ನಗರದಲ್ಲಿ ಹೊರ ರಾಜ್ಯ, ದೇಶದ ಜನರ ಸಂಖ್ಯೆ ಹೆಚ್ಚಾಗುತ್ತಿದೆ. ಮೂಲ ನಿವಾಸಿಗಳು ಮೈಸೂರಿನಲ್ಲಿ ಇಲ್ಲ. ಹೆಚ್ಚಾಗಿ ಕನ್ನಡ ಮಾತನಾಡುವವರ ಸಂಖ್ಯೆ ಮೈಸೂರಿನಲ್ಲಿ ಕಡಿಮೆಯಾಗಿದೆ. ಮೈಸೂರು ಬೆಂಗಳೂರಿನಂತೆ ಭಾಷೆ, ವಿಚಾರಧಾರೆಗಳಿಂದ ಬದಲಾಗುತ್ತಿದೆ ಎಂದು ಹೇಳಲಾಗಿದೆ. ಮೈಸೂರು ಬೆಂಗಳೂರಿನಂತೆ ಮಹಾನಗರವಾಗಿ ರೂಪಾಂತರಗೊಳ್ಳುತ್ತಿದೆ. ಮೈಸೂರಿನ ಕುರಿತು ಬೆಂಗಳೂರಿನ ಬಗ್ಗೆ ಅದೇ ರೀತಿಯ ಚರ್ಚೆ ನಡೆಯುತ್ತಿದೆ.
ರೆ ಬೆಂಗಳೂರು ಬದಲಾವಣೆಯಾಗಲು ಉದ್ಯೋಗ, ವ್ಯಾಪಕ ತಂತ್ರಜ್ಞಾನ ಕಾರಣ, ಇದರ ಜತೆಗೆ ದೊಡ್ಡ ದೊಡ್ಡ ಐಟಿ ಕಂಪನಿಗಳು ಬೆಂಗಳೂರಿನಲ್ಲಿದೆ. ಹೀಗಾಗಿ ಬೆಂಗಳೂರಿಗೆ ಹೆಚ್ಚಿನ ಜನರು ಕೆಲಸಕ್ಕಾಗಿ ವಲಸೆ ಬರುತ್ತಿದ್ದಾರೆ. ಮೈಸೂರು ಕೂಡ ಅದೇ ರೀತಿ ಬದಲಾಗುತ್ತಿದೆ. ಮೈಸೂರಿನಲ್ಲಿ ಹೊಸ ಕಂಪನಿಗಳು ಬರುತ್ತಿವೆ. ಮೈಸೂರು ಮತ್ತು ಬೆಂಗಳೂರಿನ ನಡುವೆ ಸಂಪರ್ಕ ಹೆಚ್ಚಾಗಿದೆ ಎಂದು ಹೇಳಲಾಗುತ್ತಿದೆ.
ತೆರೆದುಕೊಳ್ಳಲು ಪ್ರಯತ್ನಿಸುತ್ತಿದೆ ಎಂದು ಹೇಳಿದ್ದಾರೆ. ಇನ್ನು ಕೆಲವರು, ದೊಡ್ಡ ಪ್ರಮಾಣದ ರಿಯಲ್ ಎಸ್ಟೇಟ್ ಹೂಡಿಕೆ ಹಾಗೂ ಅದರಲ್ಲಿ ಕೆಲಸ ಮಾಡಲು ಉತ್ತರ ಭಾರತದ ಜನ ಬರುತ್ತಿದ್ದಾರೆ. ಇದರಿಂದ ಸ್ಥಳೀಯರ ಸಂಸ್ಕೃತಿಗೆ ಧಕ್ಕೆಯಾಗುತ್ತಿದೆ ಎಂದು ಆರೋಪಿಸಿದ್ದಾರೆ. ಮೈಸೂರು ಸಂಪ್ರದಾಯ, ಪರಂಪರೆ, ಕಲೆ ಮತ್ತು ಸಂಸ್ಕೃತಿಯ ನಗರವಾಗಿದೆ ಎಂದು ಹೇಳಿದ್ದಾರೆ. ಕಳೆದ ಕೆಲವು ವರ್ಷಗಳಿಂದ ಈ ಬಗ್ಗೆ ಹೊಸ ಚರ್ಚೆ ನಡೆಯುತ್ತಿದೆ ಎಂದು ಕಮೆಂಟ್ ಮಾಡಿದ್ದಾರೆ.
ಸೌದಿಯಲ್ಲಿ ಘೋರ ಘಟನೆ: ಒಂದೇ
ಕುಟುಂಬದ 45 ಮಂದಿ ಸಜೀವದಹನ
ಹೈದರಾಬಾದ್,ನ.18: ಸೌದಿ ಅರೇಬಿಯಾದಲ್ಲಿ ಸಂಭವಿಸಿದ ಭೀಕರ ಬಸ್ ಅಪಘಾತದಲ್ಲಿ ಒಂದೇ ಕುಟುಂಬದ 18 ಮಂದಿ ಸೇರಿ 45 ಮಂದಿ ಭಾರತೀಯ ಹಜ್ ಯಾತ್ರಾರ್ಥಿಗಳು ಮೃತಪಟ್ಟಿದ್ದಾರೆ. ಮೃತಪಟ್ಟವರಲ್ಲಿ 9 ಮಕ್ಕಳು ಸೇರಿದ್ದಾರೆ. ಮೃತರು ಹೈದರಾಬಾದ್ ನಿವಾಸಿಗಳಾಗಿದ್ದು, ಉಮ್ರಾ ಯಾತ್ರೆಗೆ ತೆರಳಿದ್ದರು. ಬಸ್ ಡೀಸೆಲ್ ಟ್ಯಾಂಕರ್‌ಗೆ ಡಿಕ್ಕಿ ಹೊಡೆದು ಬೆಂಕಿ ಹೊತ್ತಿಕೊಂಡಿತು. ಬಸ್ ಸಂಪೂರ್ಣವಾಗಿ ಸುಟ್ಟು ಕರಕಲಾಗಿದ್ದು, ಒಬ್ಬ ವ್ಯಕ್ತಿ ಮಾತ್ರ ಬದುಕುಳಿದಿದ್ದಾನೆ.
ಗುರುತಿಸಲಾಗದಷ್ಟು ಸುಟ್ಟುಹೋದ ಶವಗಳನ್ನು ಸಂರಕ್ಷಿಸಲಾಗಿದೆ. ಮರಣ ಪ್ರಮಾಣಪತ್ರಕ್ಕಾಗಿ ಡಿಎನ್‌ಎ ಪರೀಕ್ಷೆಯನ್ನು ನಡೆಸಲಾಗುತ್ತದೆ. ಡಿಎನ್‌ಎ ಮಾದರಿ ಸೌದಿ ಅರೇಬಿಯಾಕ್ಕೆ ಪ್ರಯಾಣಿಸುವ ಕುಟುಂಬ ಸದಸ್ಯರಿಂದ ಸಂಗ್ರಹಿಸಲಾಗುತ್ತದೆ. ತೆಲಂಗಾಣ ಸರ್ಕಾರ ಮೃತರ ಕುಟುಂಬಗಳಿಗೆ ಪರಿಹಾರ ಘೋಷಿಸಿದೆ. ಗುರುವಾರ ಅಂತ್ಯಕ್ರಿಯೆ ನಡೆಯುವ ನಿರೀಕ್ಷೆಯಿದೆ ಎಂದು ಅಧಿಕಾರಿ ತಿಳಿಸಿದ್ದಾರೆ. ಅಂತ್ಯಕ್ರಿಯೆ ವ್ಯವಸ್ಥೆಗೆ ಸಂಬಂಧಿಸಿದ ಕಾರ್ಯವಿಧಾನಗಳನ್ನು ಪೂರ್ಣಗೊಳಿಸಲು ತೆಲಂಗಾಣ ಸರ್ಕಾರ ನಿಯೋಗವನ್ನು ಕಳುಹಿಸಿದೆ.
ಹೇಳಿದರು. ಇನ್ನು ಎಲ್ಲರನ್ನೂ ಸಾಮೂಹಿಕ ಅಂತ್ಯಕ್ರಿಯೆ ನಡೆಯುವ ಸಾಧ್ಯತೆ ಇದೆ ಎಂದು ಅಧಿಕಾರಿ ತಿಳಿಸಿದ್ದಾರೆ.

ಮೃತರ ಕುಟುಂಬದಿಂದ ಇಬ್ಬರು ಸದಸ್ಯರನ್ನು ಸೌದಿ ಅರೇಬಿಯಾಕ್ಕೆ ಕಳುಹಿಸಲು ತೆಲಂಗಾಣ ಸರ್ಕಾರ ನಿರ್ಧರಿಸಿದೆ. ಸೌದಿ ಅರೇಬಿಯಾದ ಭಾರತೀಯ ರಾಯಭಾರ ಕಚೇರಿಯು ಮೃತರ ಕುಟುಂಬಗಳೊಂದಿಗೆ ಸಂಪರ್ಕದಲ್ಲಿದೆ. ಮೃತರ ಗುರುತು ಪತ್ತೆ ಕಾರ್ಯ ಮುಂದುವರಿದಿದ್ದು, ಕಂಟ್ರೋಲ್ ರೂಮ್ ಸ್ಥಾಪಿಸಲಾಗಿದೆ. ಮೃತರ ಕುಟುಂಬಕ್ಕೆ ತಲಾ 5 ಲಕ್ಷ ರೂ.ಗಳ ಪರಿಹಾರ ನೀಡಲಾಗುವುದು.
